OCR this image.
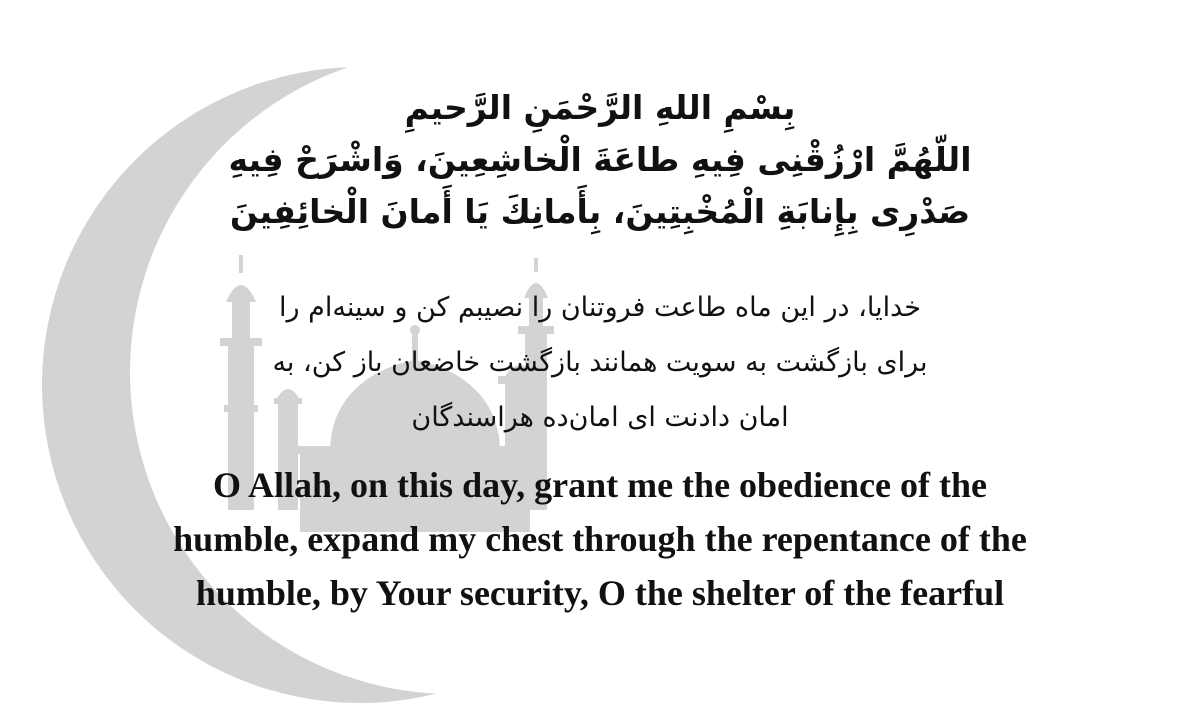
بِسْمِ اللهِ الرَّحْمَنِ الرَّحيمِ
اللّهُمَّ ارْزُقْنِی فِیهِ طاعَةَ الْخاشِعِینَ، وَاشْرَحْ فِیهِ
صَدْرِی بِإِنابَةِ الْمُخْبِتِینَ، بِأَمانِكَ یَا أَمانَ الْخائِفِینَ
خدایا، در این ماه طاعت فروتنان را نصیبم کن و سینه‌ام را
برای بازگشت به سویت همانند بازگشت خاضعان باز کن، به
امان دادنت ای امان‌ده هراسندگان
O Allah, on this day, grant me the obedience of the
humble, expand my chest through the repentance of the
humble, by Your security, O the shelter of the fearful
